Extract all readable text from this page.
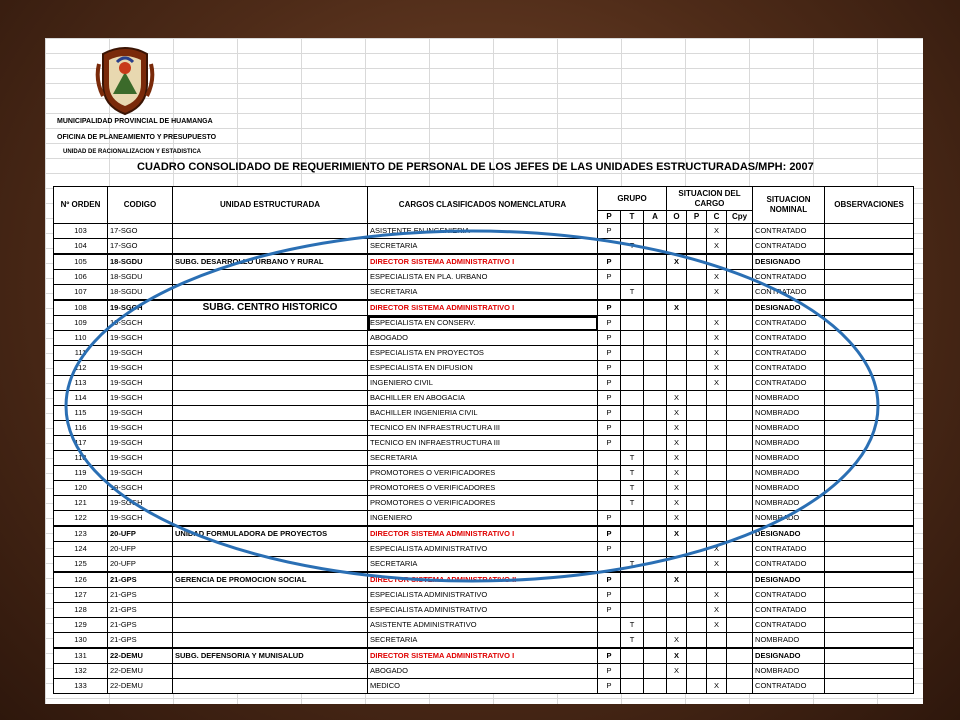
MUNICIPALIDAD PROVINCIAL DE HUAMANGA
OFICINA DE PLANEAMIENTO Y PRESUPUESTO
UNIDAD DE RACIONALIZACION Y ESTADISTICA
CUADRO CONSOLIDADO DE REQUERIMIENTO DE PERSONAL DE LOS JEFES DE LAS UNIDADES ESTRUCTURADAS/MPH: 2007
Nº ORDEN	CODIGO	UNIDAD ESTRUCTURADA	CARGOS CLASIFICADOS NOMENCLATURA	GRUPO			SITUACION DEL CARGO				SITUACION NOMINAL	OBSERVACIONES
				P	T	A	O	P	C	Cpy		
103	17-SGO		ASISTENTE EN INGENIERIA	P					X		CONTRATADO	
104	17-SGO		SECRETARIA		T				X		CONTRATADO	
105	18-SGDU	SUBG. DESARROLLO URBANO Y RURAL	DIRECTOR SISTEMA ADMINISTRATIVO I	P			X				DESIGNADO	
106	18-SGDU		ESPECIALISTA EN PLA. URBANO	P					X		CONTRATADO	
107	18-SGDU		SECRETARIA		T				X		CONTRATADO	
108	19-SGCH	SUBG. CENTRO HISTORICO	DIRECTOR SISTEMA ADMINISTRATIVO I	P			X				DESIGNADO	
109	19-SGCH		ESPECIALISTA EN CONSERV.	P					X		CONTRATADO	
110	19-SGCH		ABOGADO	P					X		CONTRATADO	
111	19-SGCH		ESPECIALISTA EN PROYECTOS	P					X		CONTRATADO	
112	19-SGCH		ESPECIALISTA EN DIFUSION	P					X		CONTRATADO	
113	19-SGCH		INGENIERO CIVIL	P					X		CONTRATADO	
114	19-SGCH		BACHILLER EN ABOGACIA	P			X				NOMBRADO	
115	19-SGCH		BACHILLER INGENIERIA CIVIL	P			X				NOMBRADO	
116	19-SGCH		TECNICO EN INFRAESTRUCTURA III	P			X				NOMBRADO	
117	19-SGCH		TECNICO EN INFRAESTRUCTURA III	P			X				NOMBRADO	
118	19-SGCH		SECRETARIA		T		X				NOMBRADO	
119	19-SGCH		PROMOTORES O VERIFICADORES		T		X				NOMBRADO	
120	19-SGCH		PROMOTORES O VERIFICADORES		T		X				NOMBRADO	
121	19-SGCH		PROMOTORES O VERIFICADORES		T		X				NOMBRADO	
122	19-SGCH		INGENIERO	P			X				NOMBRADO	
123	20-UFP	UNIDAD FORMULADORA DE PROYECTOS	DIRECTOR SISTEMA ADMINISTRATIVO I	P			X				DESIGNADO	
124	20-UFP		ESPECIALISTA ADMINISTRATIVO	P					X		CONTRATADO	
125	20-UFP		SECRETARIA		T				X		CONTRATADO	
126	21-GPS	GERENCIA DE PROMOCION SOCIAL	DIRECTOR SISTEMA ADMINISTRATIVO II	P			X				DESIGNADO	
127	21-GPS		ESPECIALISTA ADMINISTRATIVO	P					X		CONTRATADO	
128	21-GPS		ESPECIALISTA ADMINISTRATIVO	P					X		CONTRATADO	
129	21-GPS		ASISTENTE ADMINISTRATIVO		T				X		CONTRATADO	
130	21-GPS		SECRETARIA		T		X				NOMBRADO	
131	22-DEMU	SUBG. DEFENSORIA Y MUNISALUD	DIRECTOR SISTEMA ADMINISTRATIVO I	P			X				DESIGNADO	
132	22-DEMU		ABOGADO	P			X				NOMBRADO	
133	22-DEMU		MEDICO	P					X		CONTRATADO	
